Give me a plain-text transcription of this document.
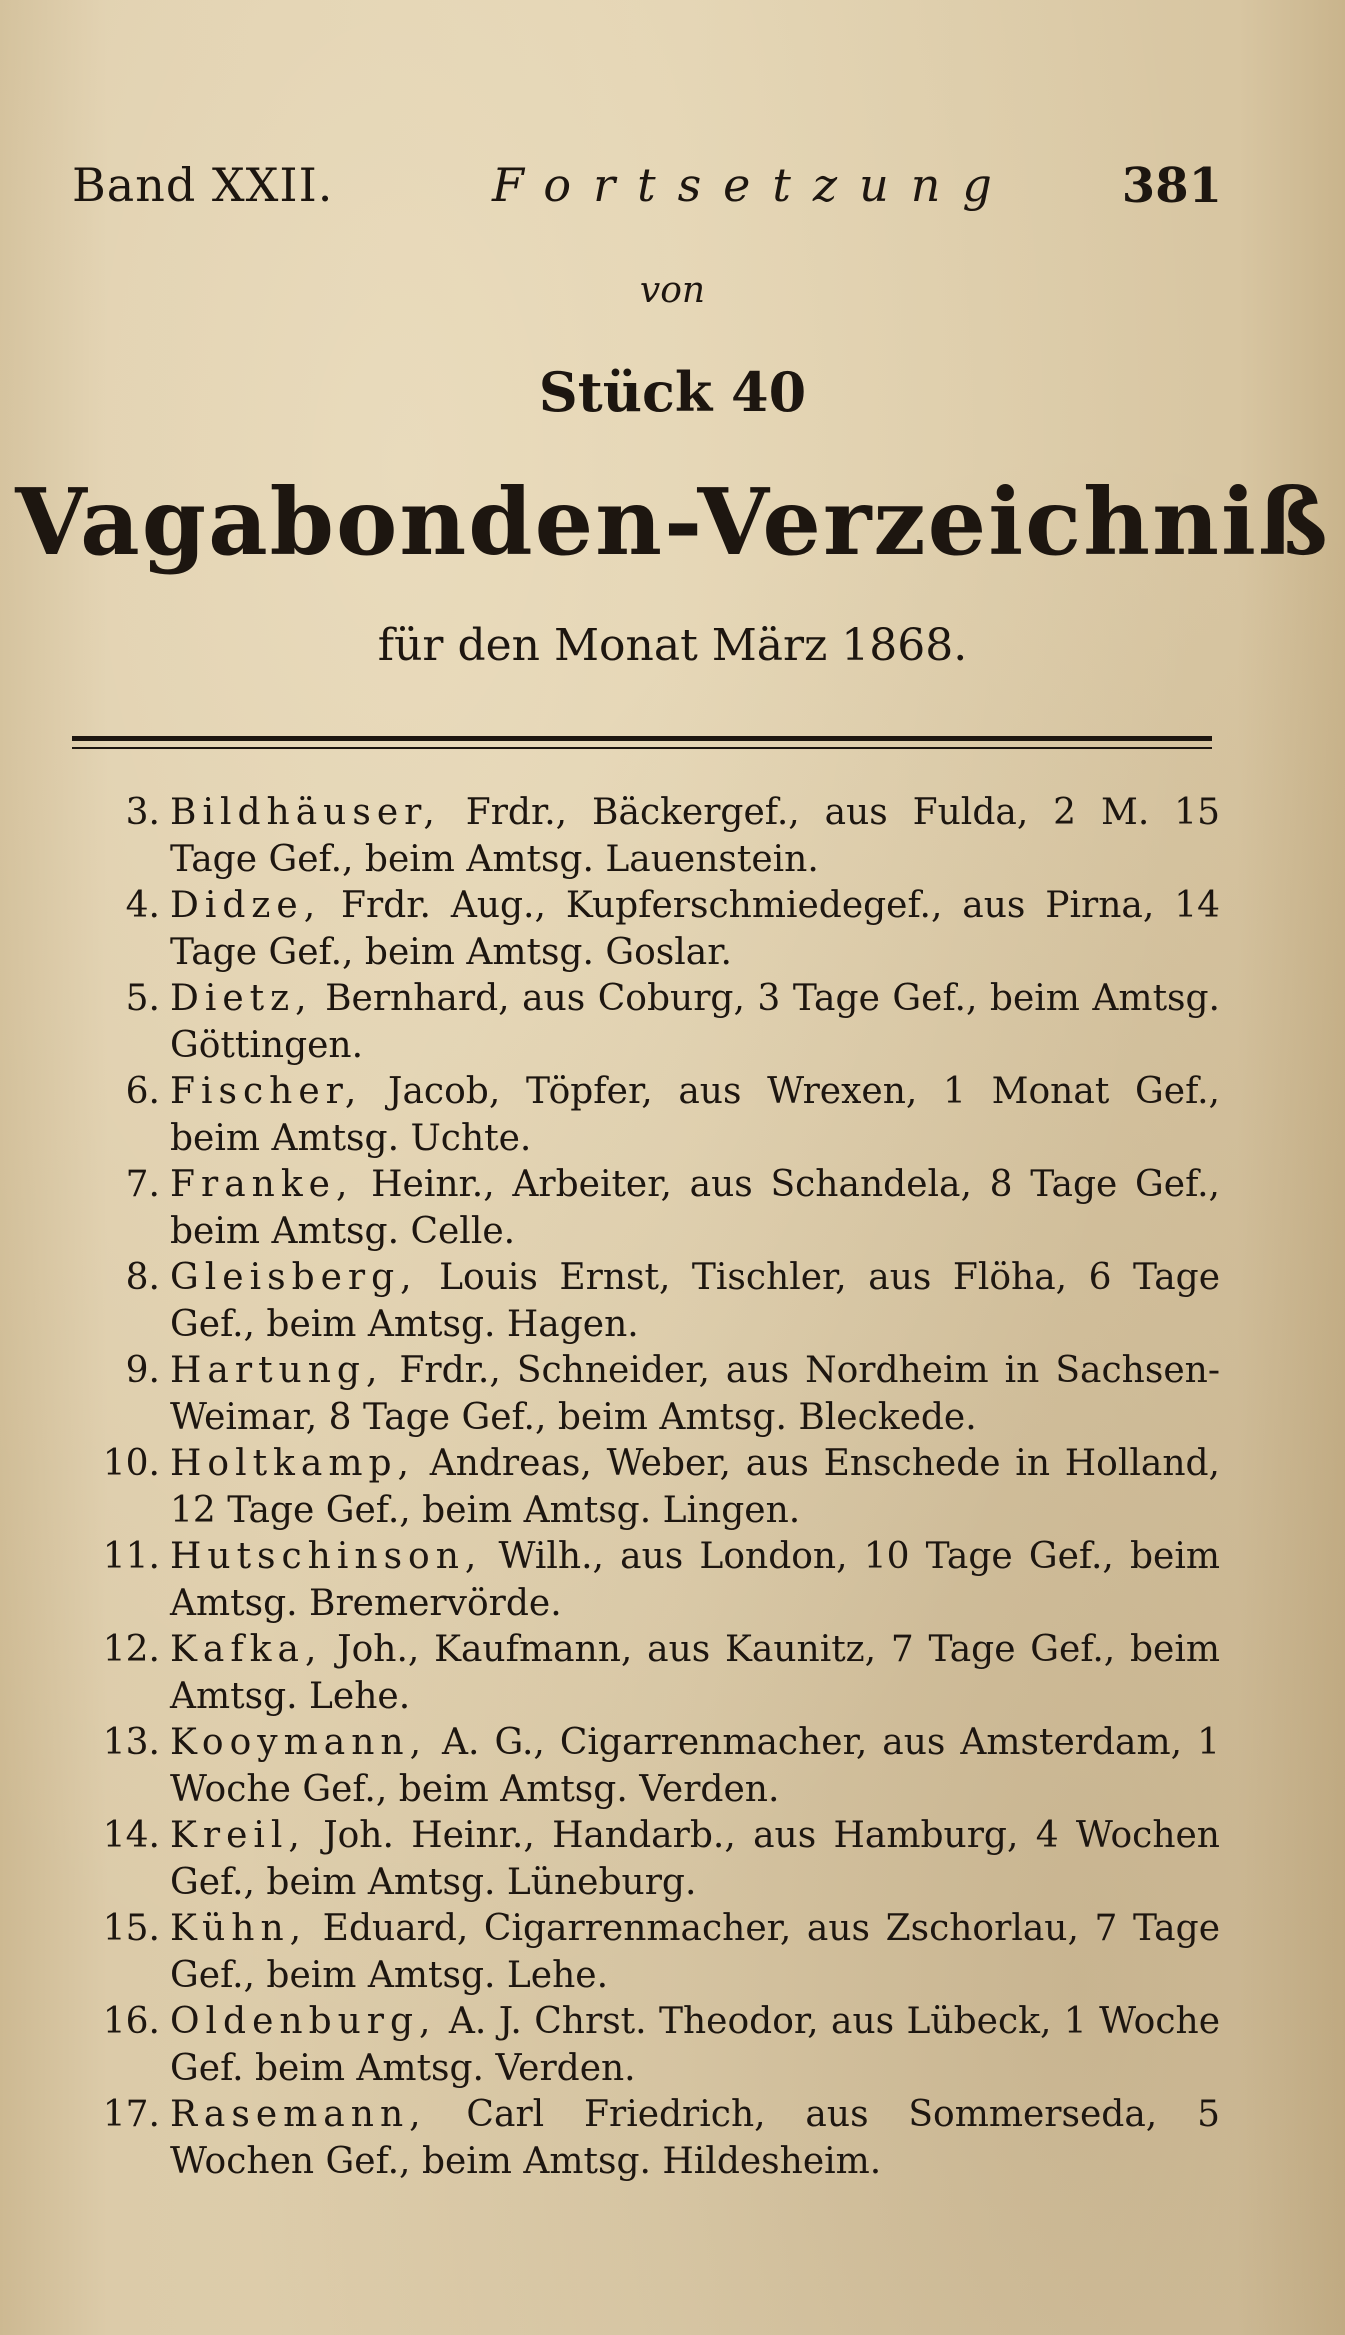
Band XXII.	Fortsetzung 381
von
Stück 40
Vagabonden-Verzeichniß
für den Monat März 1868.
3. Bildhäuser, Frdr., Bäckergef., aus Fulda, 2 M. 15 Tage Gef., beim Amtsg. Lauenstein.
4. Didze, Frdr. Aug., Kupferschmiedegef., aus Pirna, 14 Tage Gef., beim Amtsg. Goslar.
5. Dietz, Bernhard, aus Coburg, 3 Tage Gef., beim Amtsg. Göttingen.
6. Fischer, Jacob, Töpfer, aus Wrexen, 1 Monat Gef., beim Amtsg. Uchte.
7. Franke, Heinr., Arbeiter, aus Schandela, 8 Tage Gef., beim Amtsg. Celle.
8. Gleisberg, Louis Ernst, Tischler, aus Flöha, 6 Tage Gef., beim Amtsg. Hagen.
9. Hartung, Frdr., Schneider, aus Nordheim in Sachsen-Weimar, 8 Tage Gef., beim Amtsg. Bleckede.
10. Holtkamp, Andreas, Weber, aus Enschede in Holland, 12 Tage Gef., beim Amtsg. Lingen.
11. Hutschinson, Wilh., aus London, 10 Tage Gef., beim Amtsg. Bremervörde.
12. Kafka, Joh., Kaufmann, aus Kaunitz, 7 Tage Gef., beim Amtsg. Lehe.
13. Kooymann, A. G., Cigarrenmacher, aus Amsterdam, 1 Woche Gef., beim Amtsg. Verden.
14. Kreil, Joh. Heinr., Handarb., aus Hamburg, 4 Wochen Gef., beim Amtsg. Lüneburg.
15. Kühn, Eduard, Cigarrenmacher, aus Zschorlau, 7 Tage Gef., beim Amtsg. Lehe.
16. Oldenburg, A. J. Chrst. Theodor, aus Lübeck, 1 Woche Gef. beim Amtsg. Verden.
17. Rasemann, Carl Friedrich, aus Sommerseda, 5 Wochen Gef., beim Amtsg. Hildesheim.
